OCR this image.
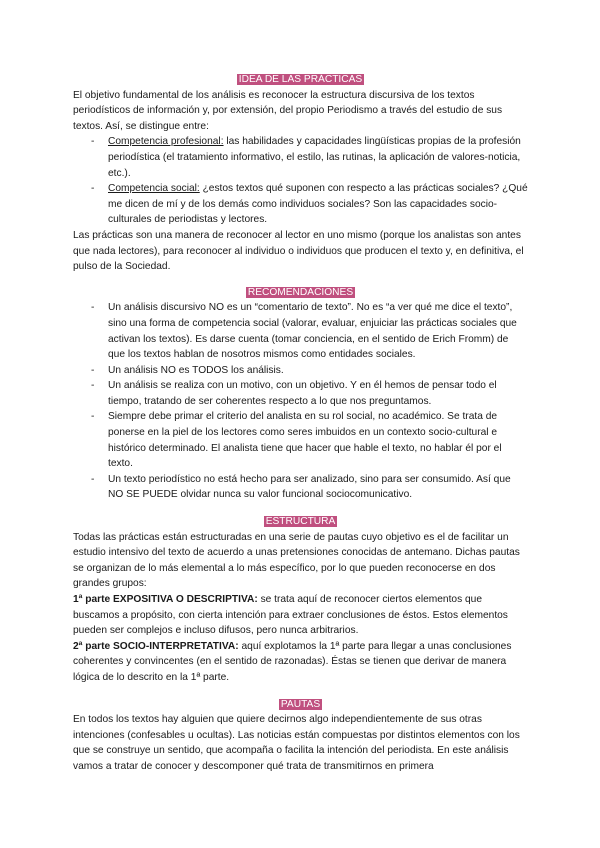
IDEA DE LAS PRÁCTICAS

El objetivo fundamental de los análisis es reconocer la estructura discursiva de los textos periodísticos de información y, por extensión, del propio Periodismo a través del estudio de sus textos. Así, se distingue entre:

- Competencia profesional: las habilidades y capacidades lingüísticas propias de la profesión periodística (el tratamiento informativo, el estilo, las rutinas, la aplicación de valores-noticia, etc.).
- Competencia social: ¿estos textos qué suponen con respecto a las prácticas sociales? ¿Qué me dicen de mí y de los demás como individuos sociales? Son las capacidades socio-culturales de periodistas y lectores.

Las prácticas son una manera de reconocer al lector en uno mismo (porque los analistas son antes que nada lectores), para reconocer al individuo o individuos que producen el texto y, en definitiva, el pulso de la Sociedad.

RECOMENDACIONES

- Un análisis discursivo NO es un “comentario de texto”. No es “a ver qué me dice el texto”, sino una forma de competencia social (valorar, evaluar, enjuiciar las prácticas sociales que activan los textos). Es darse cuenta (tomar conciencia, en el sentido de Erich Fromm) de que los textos hablan de nosotros mismos como entidades sociales.
- Un análisis NO es TODOS los análisis.
- Un análisis se realiza con un motivo, con un objetivo. Y en él hemos de pensar todo el tiempo, tratando de ser coherentes respecto a lo que nos preguntamos.
- Siempre debe primar el criterio del analista en su rol social, no académico. Se trata de ponerse en la piel de los lectores como seres imbuidos en un contexto socio-cultural e histórico determinado. El analista tiene que hacer que hable el texto, no hablar él por el texto.
- Un texto periodístico no está hecho para ser analizado, sino para ser consumido. Así que NO SE PUEDE olvidar nunca su valor funcional sociocomunicativo.

ESTRUCTURA

Todas las prácticas están estructuradas en una serie de pautas cuyo objetivo es el de facilitar un estudio intensivo del texto de acuerdo a unas pretensiones conocidas de antemano. Dichas pautas se organizan de lo más elemental a lo más específico, por lo que pueden reconocerse en dos grandes grupos:

1ª parte EXPOSITIVA O DESCRIPTIVA: se trata aquí de reconocer ciertos elementos que buscamos a propósito, con cierta intención para extraer conclusiones de éstos. Estos elementos pueden ser complejos e incluso difusos, pero nunca arbitrarios.

2ª parte SOCIO-INTERPRETATIVA: aquí explotamos la 1ª parte para llegar a unas conclusiones coherentes y convincentes (en el sentido de razonadas). Éstas se tienen que derivar de manera lógica de lo descrito en la 1ª parte.

PAUTAS

En todos los textos hay alguien que quiere decirnos algo independientemente de sus otras intenciones (confesables u ocultas). Las noticias están compuestas por distintos elementos con los que se construye un sentido, que acompaña o facilita la intención del periodista. En este análisis vamos a tratar de conocer y descomponer qué trata de transmitirnos en primera
